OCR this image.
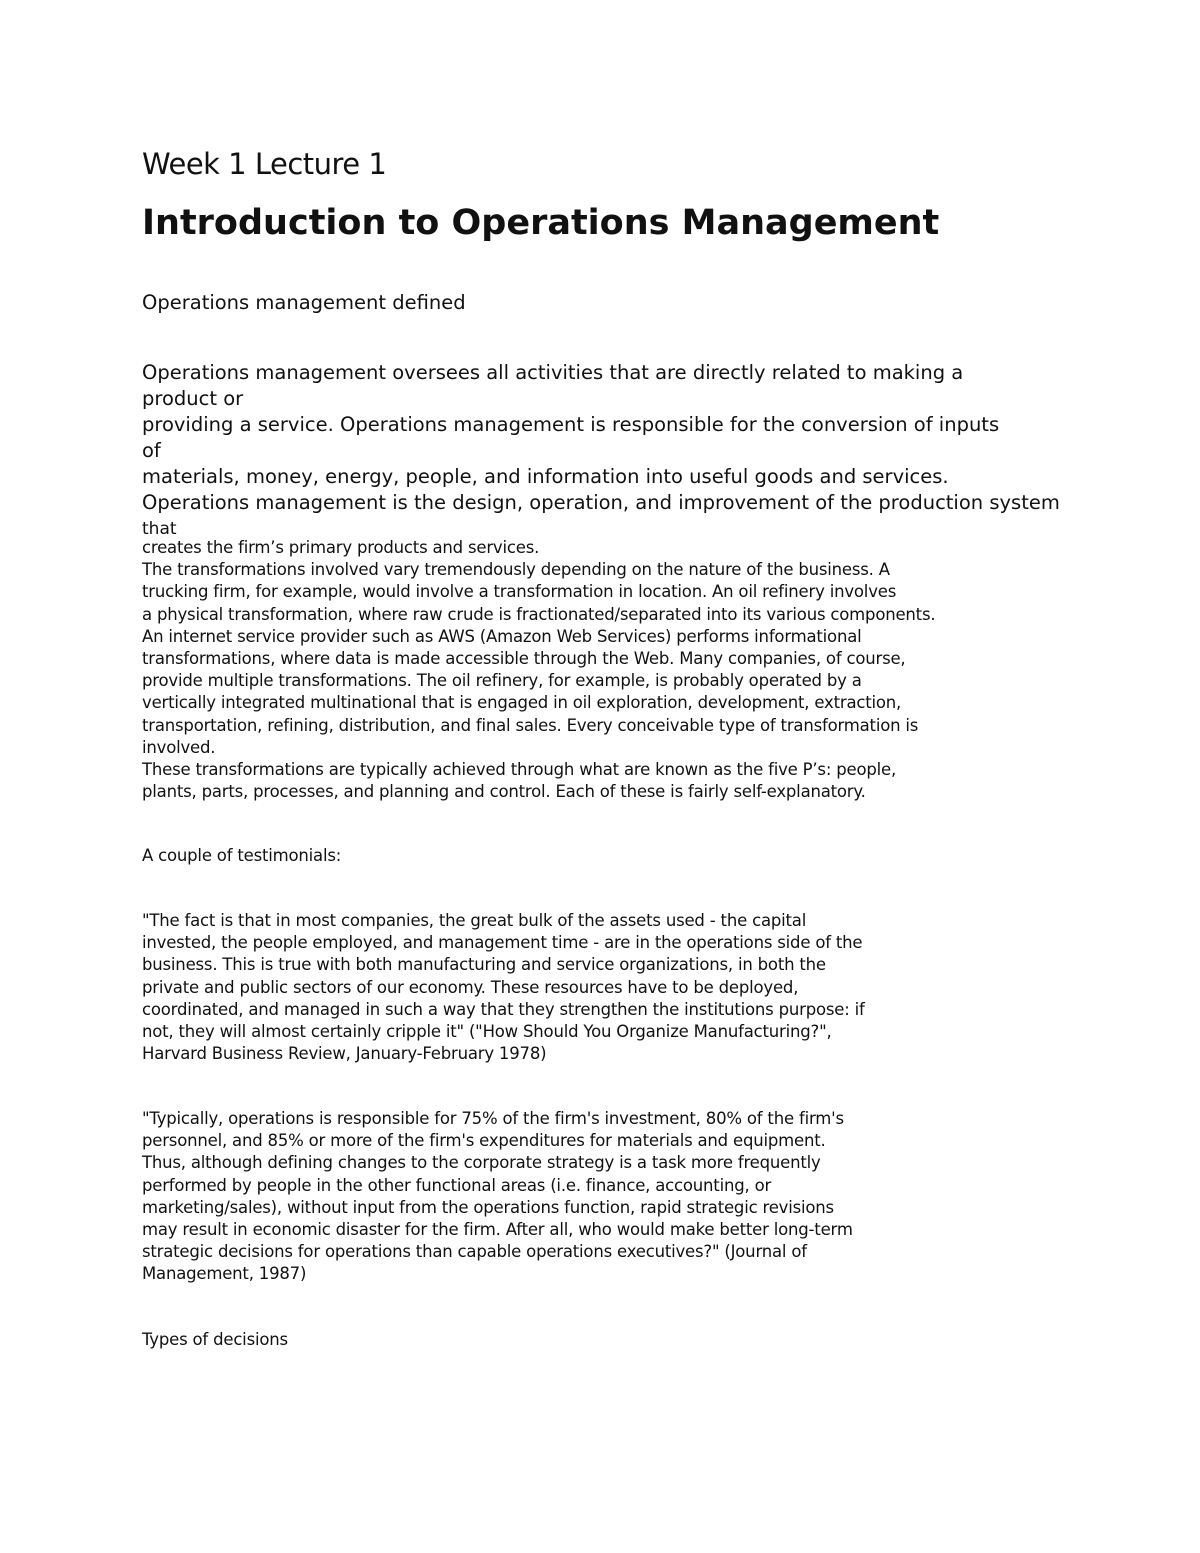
Week 1 Lecture 1
Introduction to Operations Management
Operations management defined
Operations management oversees all activities that are directly related to making a
product or
providing a service. Operations management is responsible for the conversion of inputs
of
materials, money, energy, people, and information into useful goods and services.
Operations management is the design, operation, and improvement of the production system
that
creates the firm’s primary products and services.
The transformations involved vary tremendously depending on the nature of the business. A
trucking firm, for example, would involve a transformation in location. An oil refinery involves
a physical transformation, where raw crude is fractionated/separated into its various components.
An internet service provider such as AWS (Amazon Web Services) performs informational
transformations, where data is made accessible through the Web. Many companies, of course,
provide multiple transformations. The oil refinery, for example, is probably operated by a
vertically integrated multinational that is engaged in oil exploration, development, extraction,
transportation, refining, distribution, and final sales. Every conceivable type of transformation is
involved.
These transformations are typically achieved through what are known as the five P’s: people,
plants, parts, processes, and planning and control. Each of these is fairly self-explanatory.
A couple of testimonials:
"The fact is that in most companies, the great bulk of the assets used - the capital
invested, the people employed, and management time - are in the operations side of the
business. This is true with both manufacturing and service organizations, in both the
private and public sectors of our economy. These resources have to be deployed,
coordinated, and managed in such a way that they strengthen the institutions purpose: if
not, they will almost certainly cripple it" ("How Should You Organize Manufacturing?",
Harvard Business Review, January-February 1978)
"Typically, operations is responsible for 75% of the firm's investment, 80% of the firm's
personnel, and 85% or more of the firm's expenditures for materials and equipment.
Thus, although defining changes to the corporate strategy is a task more frequently
performed by people in the other functional areas (i.e. finance, accounting, or
marketing/sales), without input from the operations function, rapid strategic revisions
may result in economic disaster for the firm. After all, who would make better long-term
strategic decisions for operations than capable operations executives?" (Journal of
Management, 1987)
Types of decisions
